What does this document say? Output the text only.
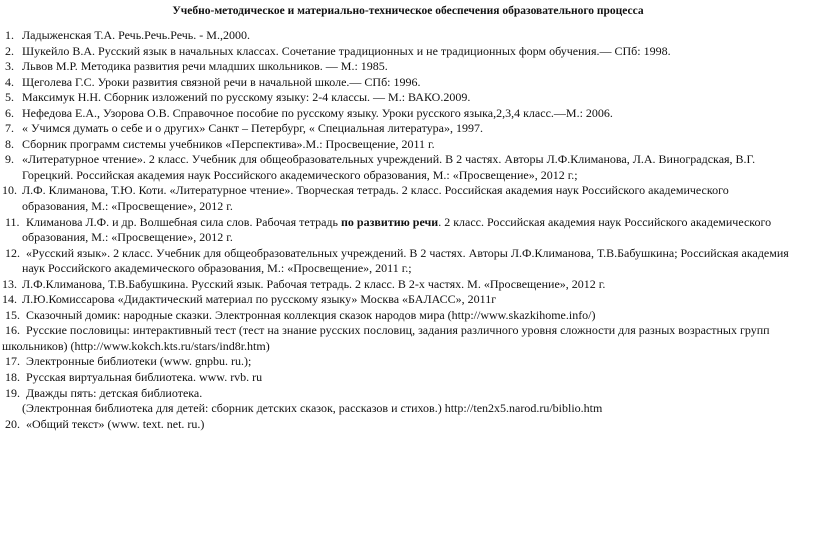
Учебно-методическое и материально-техническое обеспечения образовательного процесса
1. Ладыженская Т.А. Речь.Речь.Речь. - М.,2000.
2. Шукейло В.А. Русский язык в начальных классах. Сочетание традиционных и не традиционных форм обучения.— СПб: 1998.
3. Львов М.Р. Методика развития речи младших школьников. — М.: 1985.
4. Щеголева Г.С. Уроки развития связной речи в начальной школе.— СПб: 1996.
5. Максимук Н.Н. Сборник изложений по русскому языку: 2-4 классы. — М.: ВАКО.2009.
6. Нефедова Е.А., Узорова О.В. Справочное пособие по русскому языку. Уроки русского языка,2,3,4 класс.—М.: 2006.
7. « Учимся думать о себе и о других» Санкт – Петербург, « Специальная литература», 1997.
8. Сборник программ системы учебников «Перспектива».М.: Просвещение, 2011 г.
9. «Литературное чтение». 2 класс. Учебник для общеобразовательных учреждений. В 2 частях. Авторы Л.Ф.Климанова, Л.А. Виноградская, В.Г.
Горецкий. Российская академия наук Российского академического образования, М.: «Просвещение», 2012 г.;
10. Л.Ф. Климанова, Т.Ю. Коти. «Литературное чтение». Творческая тетрадь. 2 класс. Российская академия наук Российского академического
образования, М.: «Просвещение», 2012 г.
11. Климанова Л.Ф. и др. Волшебная сила слов. Рабочая тетрадь по развитию речи. 2 класс. Российская академия наук Российского академического
образования, М.: «Просвещение», 2012 г.
12. «Русский язык». 2 класс. Учебник для общеобразовательных учреждений. В 2 частях. Авторы Л.Ф.Климанова, Т.В.Бабушкина; Российская академия
наук Российского академического образования, М.: «Просвещение», 2011 г.;
13. Л.Ф.Климанова, Т.В.Бабушкина. Русский язык. Рабочая тетрадь. 2 класс. В 2-х частях. М. «Просвещение», 2012 г.
14. Л.Ю.Комиссарова «Дидактический материал по русскому языку» Москва «БАЛАСС», 2011г
15. Сказочный домик: народные сказки. Электронная коллекция сказок народов мира (http://www.skazkihome.info/)
16. Русские пословицы: интерактивный тест (тест на знание русских пословиц, задания различного уровня сложности для разных возрастных групп
школьников) (http://www.kokch.kts.ru/stars/ind8r.htm)
17. Электронные библиотеки (www. gnpbu. ru.);
18. Русская виртуальная библиотека. www. rvb. ru
19. Дважды пять: детская библиотека.
(Электронная библиотека для детей: сборник детских сказок, рассказов и стихов.) http://ten2x5.narod.ru/biblio.htm
20. «Общий текст» (www. text. net. ru.)
